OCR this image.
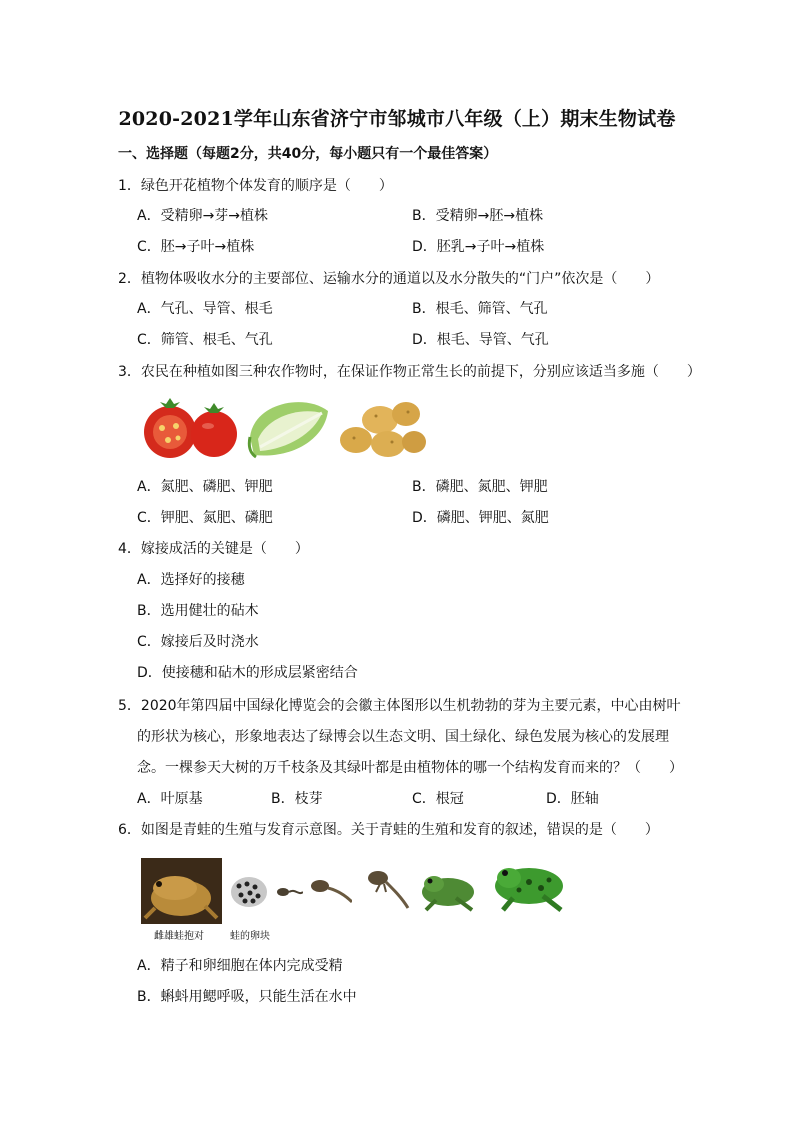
2020-2021学年山东省济宁市邹城市八年级（上）期末生物试卷
一、选择题（每题2分，共40分，每小题只有一个最佳答案）
1．绿色开花植物个体发育的顺序是（　　）
A．受精卵→芽→植株	B．受精卵→胚→植株
C．胚→子叶→植株	D．胚乳→子叶→植株
2．植物体吸收水分的主要部位、运输水分的通道以及水分散失的“门户”依次是（　　）
A．气孔、导管、根毛	B．根毛、筛管、气孔
C．筛管、根毛、气孔	D．根毛、导管、气孔
3．农民在种植如图三种农作物时，在保证作物正常生长的前提下，分别应该适当多施（　　）
A．氮肥、磷肥、钾肥	B．磷肥、氮肥、钾肥
C．钾肥、氮肥、磷肥	D．磷肥、钾肥、氮肥
4．嫁接成活的关键是（　　）
A．选择好的接穗
B．选用健壮的砧木
C．嫁接后及时浇水
D．使接穗和砧木的形成层紧密结合
5．2020年第四届中国绿化博览会的会徽主体图形以生机勃勃的芽为主要元素，中心由树叶
的形状为核心，形象地表达了绿博会以生态文明、国土绿化、绿色发展为核心的发展理
念。一棵参天大树的万千枝条及其绿叶都是由植物体的哪一个结构发育而来的？（　　）
A．叶原基	B．枝芽	C．根冠	D．胚轴
6．如图是青蛙的生殖与发育示意图。关于青蛙的生殖和发育的叙述，错误的是（　　）
雌雄蛙抱对	蛙的卵块
A．精子和卵细胞在体内完成受精
B．蝌蚪用鳃呼吸，只能生活在水中
